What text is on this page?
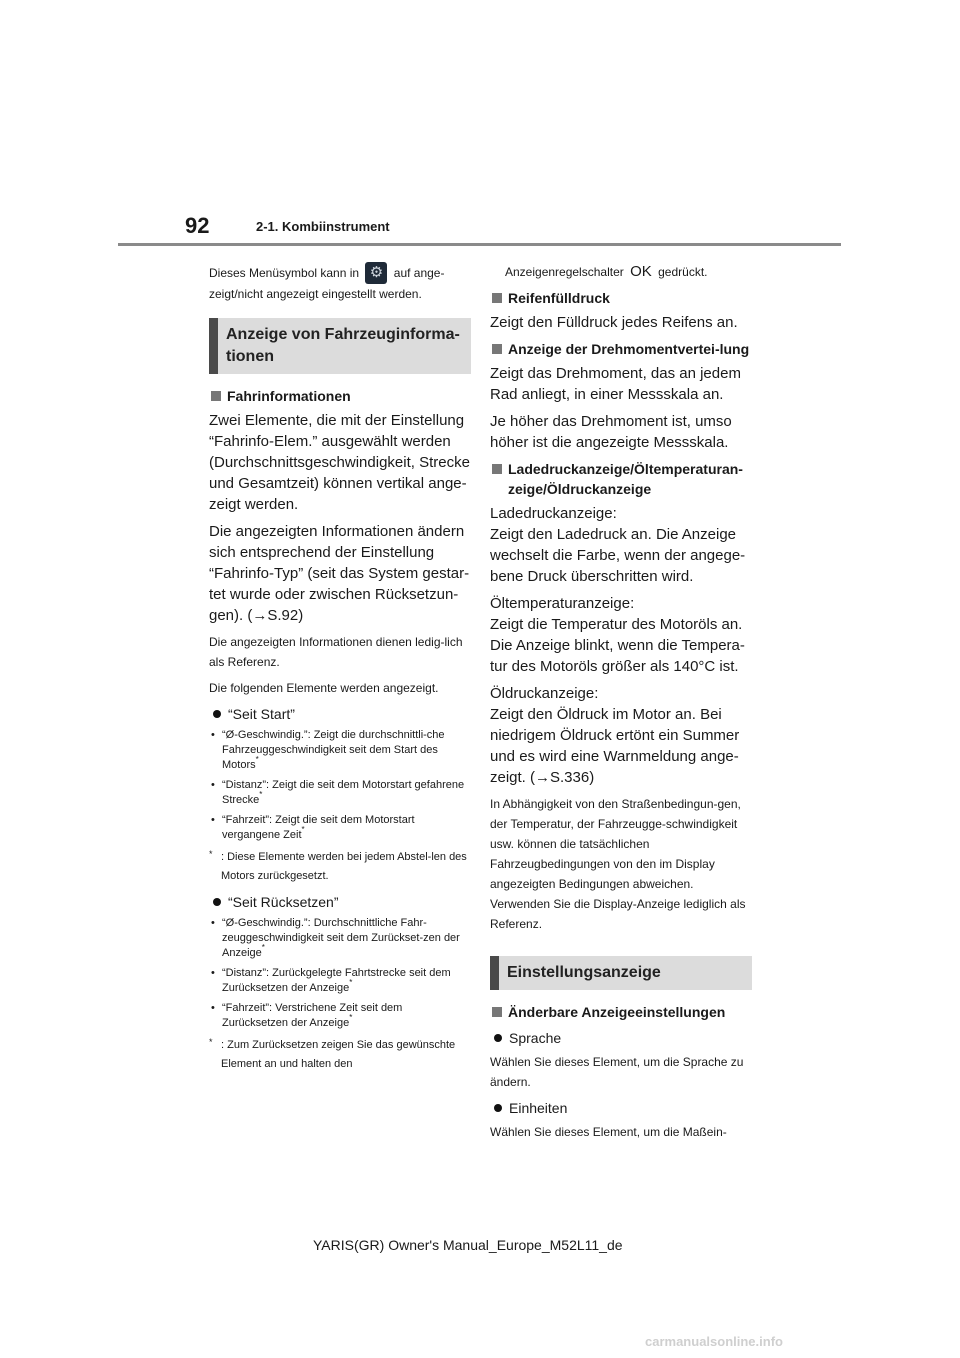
92	2-1. Kombiinstrument

Dieses Menüsymbol kann in ⚙ auf ange-
zeigt/nicht angezeigt eingestellt werden.

Anzeige von Fahrzeuginforma-tionen
Fahrinformationen

Zwei Elemente, die mit der Einstellung “Fahrinfo-Elem.” ausgewählt werden (Durchschnittsgeschwindigkeit, Strecke und Gesamtzeit) können vertikal ange-zeigt werden.

Die angezeigten Informationen ändern sich entsprechend der Einstellung “Fahrinfo-Typ” (seit das System gestar-tet wurde oder zwischen Rücksetzun-gen). (→S.92)

Die angezeigten Informationen dienen ledig-lich als Referenz.

Die folgenden Elemente werden angezeigt.

“Seit Start”
• “Ø-Geschwindig.”: Zeigt die durchschnittli-che Fahrzeuggeschwindigkeit seit dem Start des Motors*
• “Distanz”: Zeigt die seit dem Motorstart gefahrene Strecke*
• “Fahrzeit”: Zeigt die seit dem Motorstart vergangene Zeit*
* : Diese Elemente werden bei jedem Abstel-len des Motors zurückgesetzt.
“Seit Rücksetzen”
• “Ø-Geschwindig.”: Durchschnittliche Fahr-zeuggeschwindigkeit seit dem Zurückset-zen der Anzeige*
• “Distanz”: Zurückgelegte Fahrtstrecke seit dem Zurücksetzen der Anzeige*
• “Fahrzeit”: Verstrichene Zeit seit dem Zurücksetzen der Anzeige*
* : Zum Zurücksetzen zeigen Sie das gewünschte Element an und halten den

Anzeigenregelschalter OK gedrückt.

Reifenfülldruck

Zeigt den Fülldruck jedes Reifens an.

Anzeige der Drehmomentvertei-lung

Zeigt das Drehmoment, das an jedem Rad anliegt, in einer Messskala an.

Je höher das Drehmoment ist, umso höher ist die angezeigte Messskala.

Ladedruckanzeige/Öltemperaturan-zeige/Öldruckanzeige

Ladedruckanzeige:
Zeigt den Ladedruck an. Die Anzeige wechselt die Farbe, wenn der angege-bene Druck überschritten wird.

Öltemperaturanzeige:
Zeigt die Temperatur des Motoröls an. Die Anzeige blinkt, wenn die Tempera-tur des Motoröls größer als 140°C ist.

Öldruckanzeige:
Zeigt den Öldruck im Motor an. Bei niedrigem Öldruck ertönt ein Summer und es wird eine Warnmeldung ange-zeigt. (→S.336)

In Abhängigkeit von den Straßenbedingun-gen, der Temperatur, der Fahrzeugge-schwindigkeit usw. können die tatsächlichen Fahrzeugbedingungen von den im Display angezeigten Bedingungen abweichen. Verwenden Sie die Display-Anzeige lediglich als Referenz.

Einstellungsanzeige
Änderbare Anzeigeeinstellungen
Sprache

Wählen Sie dieses Element, um die Sprache zu ändern.

Einheiten

Wählen Sie dieses Element, um die Maßein-

YARIS(GR) Owner's Manual_Europe_M52L11_de
carmanualsonline.info
